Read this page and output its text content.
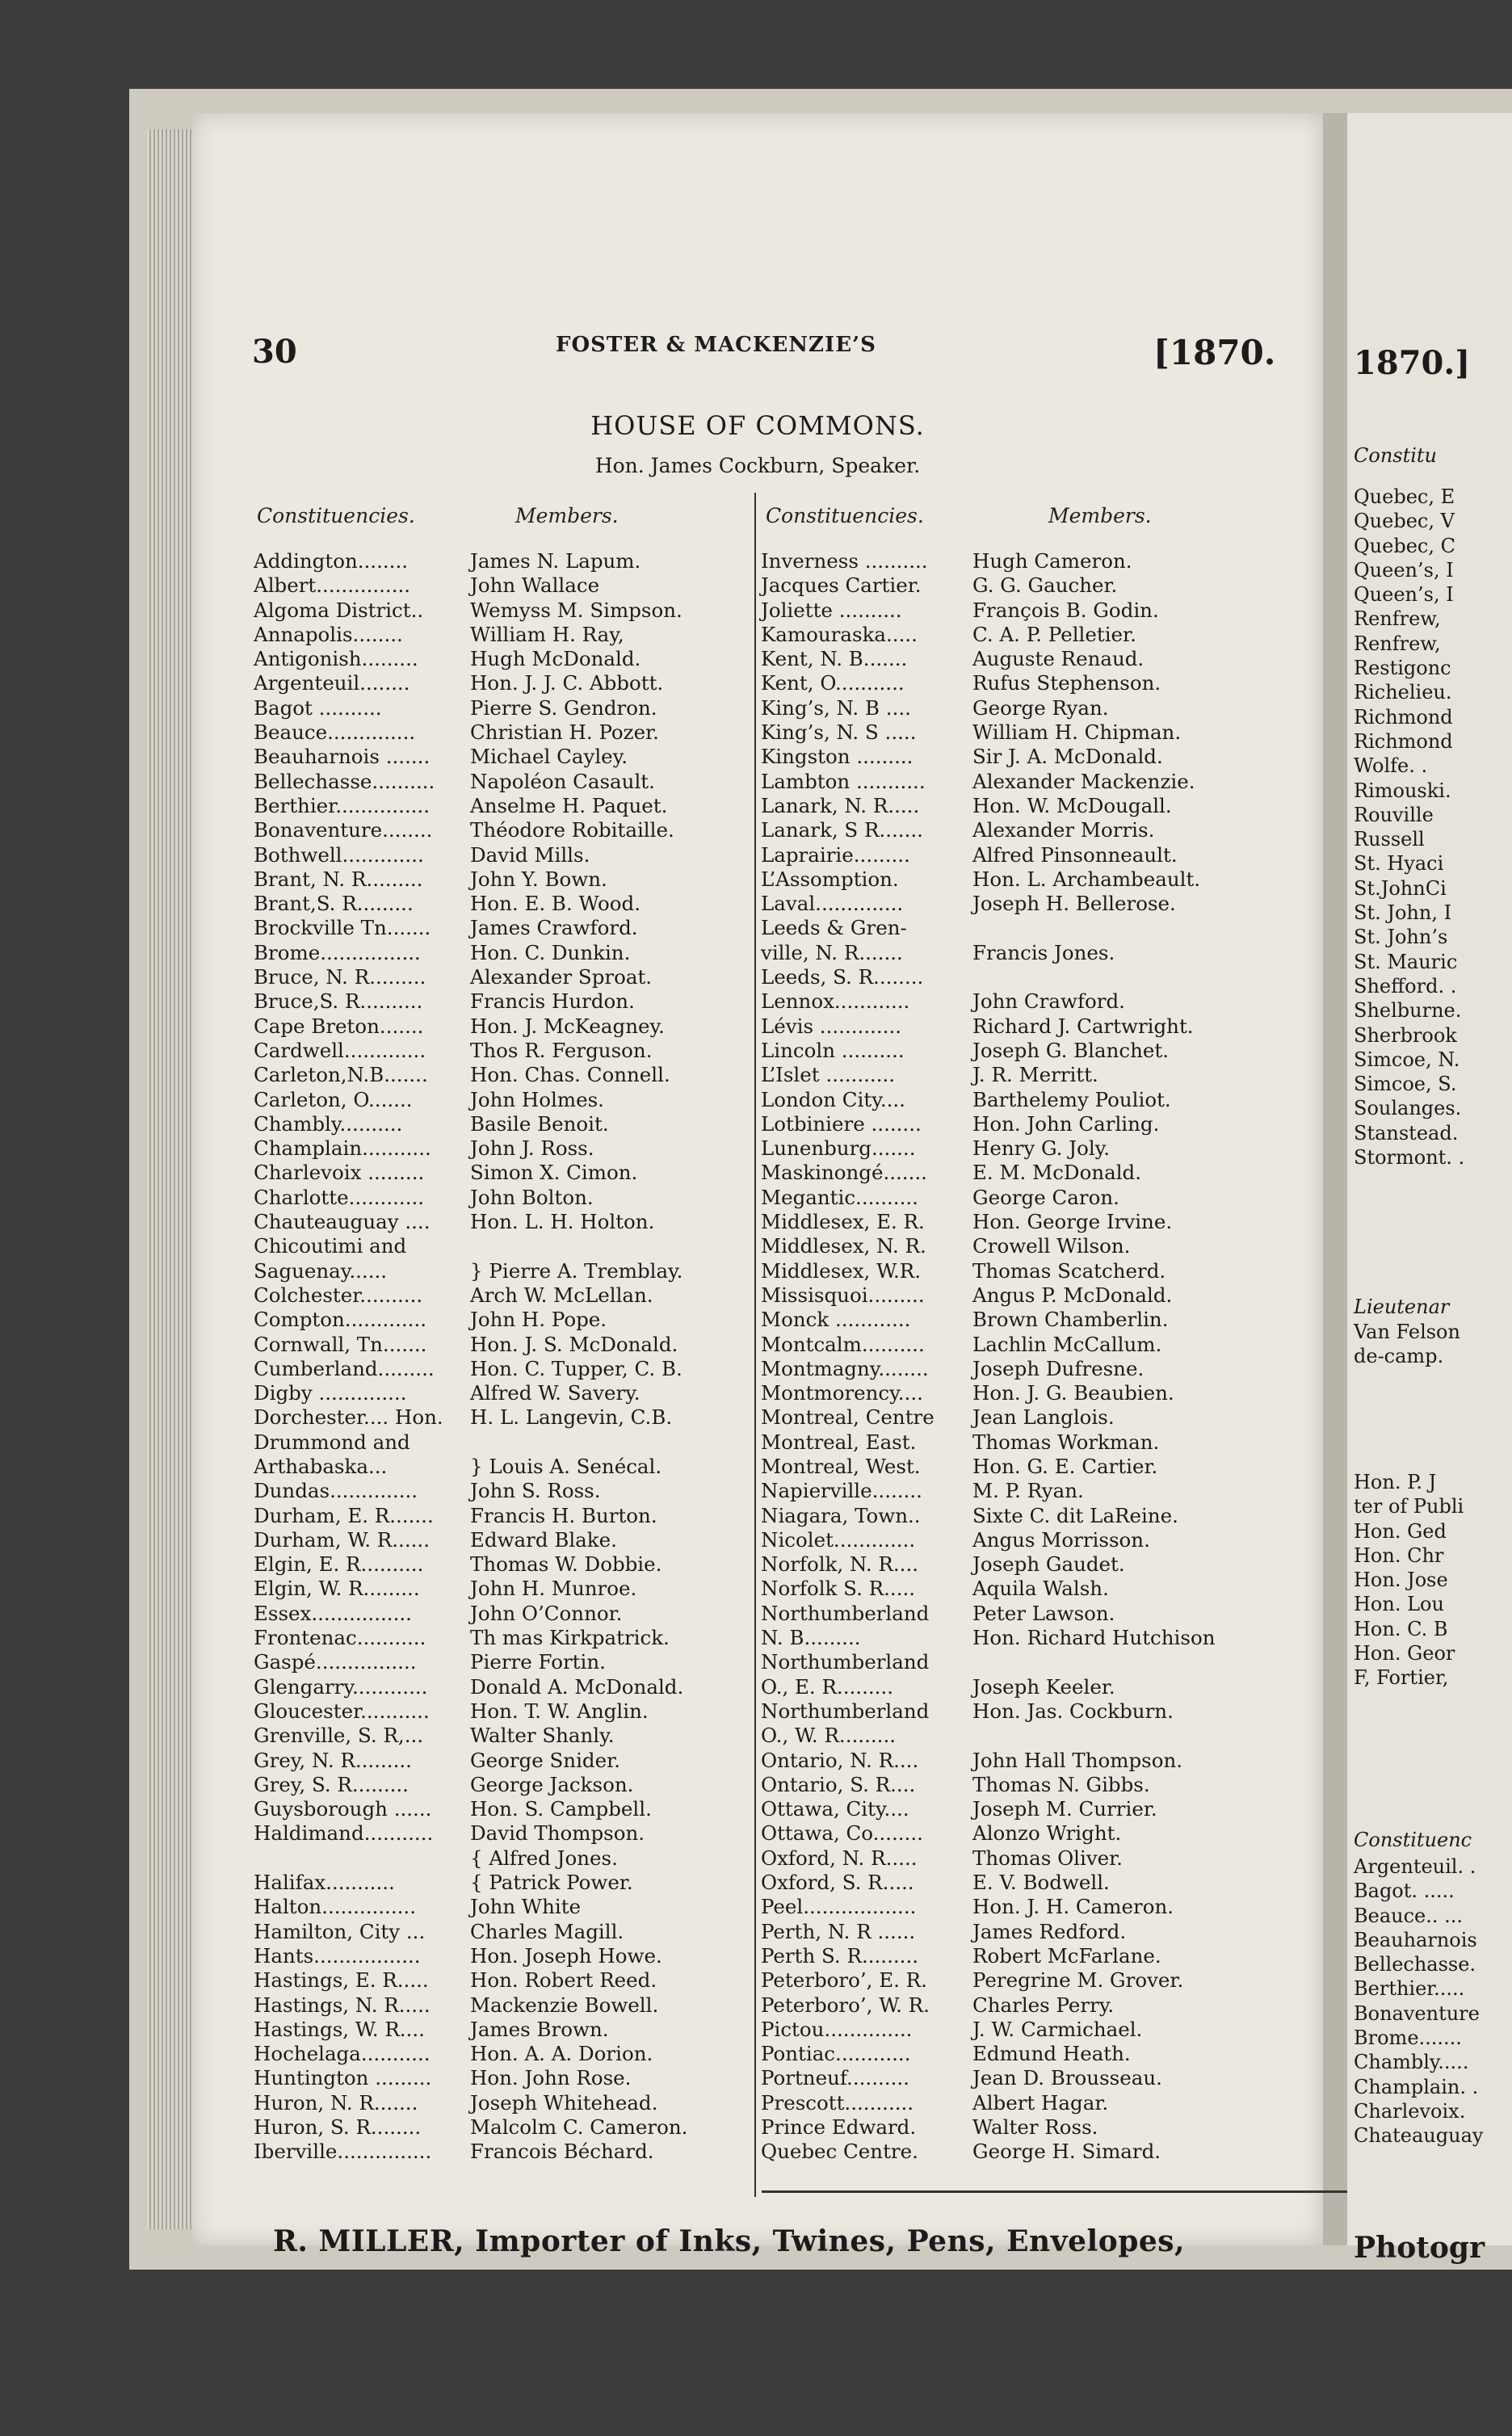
30	FOSTER & MACKENZIE’S	[1870.
HOUSE OF COMMONS.
Hon. James Cockburn, Speaker.
Constituencies.	Members.	Constituencies.	Members.
Addington........	James N. Lapum.
Albert...............	John Wallace
Algoma District..	Wemyss M. Simpson.
Annapolis........	William H. Ray,
Antigonish.........	Hugh McDonald.
Argenteuil........	Hon. J. J. C. Abbott.
Bagot ..........	Pierre S. Gendron.
Beauce..............	Christian H. Pozer.
Beauharnois .......	Michael Cayley.
Bellechasse..........	Napoléon Casault.
Berthier...............	Anselme H. Paquet.
Bonaventure........	Théodore Robitaille.
Bothwell.............	David Mills.
Brant, N. R.........	John Y. Bown.
Brant,S. R.........	Hon. E. B. Wood.
Brockville Tn.......	James Crawford.
Brome................	Hon. C. Dunkin.
Bruce, N. R.........	Alexander Sproat.
Bruce,S. R..........	Francis Hurdon.
Cape Breton.......	Hon. J. McKeagney.
Cardwell.............	Thos R. Ferguson.
Carleton,N.B.......	Hon. Chas. Connell.
Carleton, O.......	John Holmes.
Chambly..........	Basile Benoit.
Champlain...........	John J. Ross.
Charlevoix .........	Simon X. Cimon.
Charlotte............	John Bolton.
Chauteauguay ....	Hon. L. H. Holton.
Chicoutimi and
Saguenay......	} Pierre A. Tremblay.
Colchester..........	Arch W. McLellan.
Compton.............	John H. Pope.
Cornwall, Tn.......	Hon. J. S. McDonald.
Cumberland.........	Hon. C. Tupper, C. B.
Digby ..............	Alfred W. Savery.
Dorchester.... Hon.	H. L. Langevin, C.B.
Drummond and
Arthabaska...	} Louis A. Senécal.
Dundas..............	John S. Ross.
Durham, E. R.......	Francis H. Burton.
Durham, W. R......	Edward Blake.
Elgin, E. R..........	Thomas W. Dobbie.
Elgin, W. R.........	John H. Munroe.
Essex................	John O’Connor.
Frontenac...........	Th mas Kirkpatrick.
Gaspé................	Pierre Fortin.
Glengarry............	Donald A. McDonald.
Gloucester...........	Hon. T. W. Anglin.
Grenville, S. R,...	Walter Shanly.
Grey, N. R.........	George Snider.
Grey, S. R.........	George Jackson.
Guysborough ......	Hon. S. Campbell.
Haldimand...........	David Thompson.
{ Alfred Jones.
Halifax...........	{ Patrick Power.
Halton...............	John White
Hamilton, City ...	Charles Magill.
Hants.................	Hon. Joseph Howe.
Hastings, E. R.....	Hon. Robert Reed.
Hastings, N. R.....	Mackenzie Bowell.
Hastings, W. R....	James Brown.
Hochelaga...........	Hon. A. A. Dorion.
Huntington .........	Hon. John Rose.
Huron, N. R.......	Joseph Whitehead.
Huron, S. R........	Malcolm C. Cameron.
Iberville...............	Francois Béchard.
Inverness ..........	Hugh Cameron.
Jacques Cartier.	G. G. Gaucher.
Joliette ..........	François B. Godin.
Kamouraska.....	C. A. P. Pelletier.
Kent, N. B.......	Auguste Renaud.
Kent, O...........	Rufus Stephenson.
King’s, N. B ....	George Ryan.
King’s, N. S .....	William H. Chipman.
Kingston .........	Sir J. A. McDonald.
Lambton ...........	Alexander Mackenzie.
Lanark, N. R.....	Hon. W. McDougall.
Lanark, S R.......	Alexander Morris.
Laprairie.........	Alfred Pinsonneault.
L’Assomption.	Hon. L. Archambeault.
Laval..............	Joseph H. Bellerose.
Leeds & Gren-
ville, N. R.......	Francis Jones.
Leeds, S. R........
Lennox............	John Crawford.
Lévis .............	Richard J. Cartwright.
Lincoln ..........	Joseph G. Blanchet.
L’Islet ...........	J. R. Merritt.
London City....	Barthelemy Pouliot.
Lotbiniere ........	Hon. John Carling.
Lunenburg.......	Henry G. Joly.
Maskinongé.......	E. M. McDonald.
Megantic..........	George Caron.
Middlesex, E. R.	Hon. George Irvine.
Middlesex, N. R.	Crowell Wilson.
Middlesex, W.R.	Thomas Scatcherd.
Missisquoi.........	Angus P. McDonald.
Monck ............	Brown Chamberlin.
Montcalm..........	Lachlin McCallum.
Montmagny........	Joseph Dufresne.
Montmorency....	Hon. J. G. Beaubien.
Montreal, Centre	Jean Langlois.
Montreal, East.	Thomas Workman.
Montreal, West.	Hon. G. E. Cartier.
Napierville........	M. P. Ryan.
Niagara, Town..	Sixte C. dit LaReine.
Nicolet.............	Angus Morrisson.
Norfolk, N. R....	Joseph Gaudet.
Norfolk S. R.....	Aquila Walsh.
Northumberland	Peter Lawson.
N. B.........	Hon. Richard Hutchison
Northumberland
O., E. R.........	Joseph Keeler.
Northumberland	Hon. Jas. Cockburn.
O., W. R.........
Ontario, N. R....	John Hall Thompson.
Ontario, S. R....	Thomas N. Gibbs.
Ottawa, City....	Joseph M. Currier.
Ottawa, Co........	Alonzo Wright.
Oxford, N. R.....	Thomas Oliver.
Oxford, S. R.....	E. V. Bodwell.
Peel..................	Hon. J. H. Cameron.
Perth, N. R ......	James Redford.
Perth S. R.........	Robert McFarlane.
Peterboro’, E. R.	Peregrine M. Grover.
Peterboro’, W. R.	Charles Perry.
Pictou..............	J. W. Carmichael.
Pontiac............	Edmund Heath.
Portneuf..........	Jean D. Brousseau.
Prescott...........	Albert Hagar.
Prince Edward.	Walter Ross.
Quebec Centre.	George H. Simard.
R. MILLER, Importer of Inks, Twines, Pens, Envelopes,
1870.]
Constitu
Quebec, E
Quebec, V
Quebec, C
Queen’s, I
Queen’s, I
Renfrew,
Renfrew,
Restigonc
Richelieu.
Richmond
Richmond
Wolfe. .
Rimouski.
Rouville
Russell
St. Hyaci
St.JohnCi
St. John, I
St. John’s
St. Mauric
Shefford. .
Shelburne.
Sherbrook
Simcoe, N.
Simcoe, S.
Soulanges.
Stanstead.
Stormont. .
Lieutenar
Van Felson
de-camp.
Hon. P. J
ter of Publi
Hon. Ged
Hon. Chr
Hon. Jose
Hon. Lou
Hon. C. B
Hon. Geor
F, Fortier,
Constituenc
Argenteuil. .
Bagot. .....
Beauce.. ...
Beauharnois
Bellechasse.
Berthier.....
Bonaventure
Brome.......
Chambly.....
Champlain. .
Charlevoix.
Chateauguay
Photogr
